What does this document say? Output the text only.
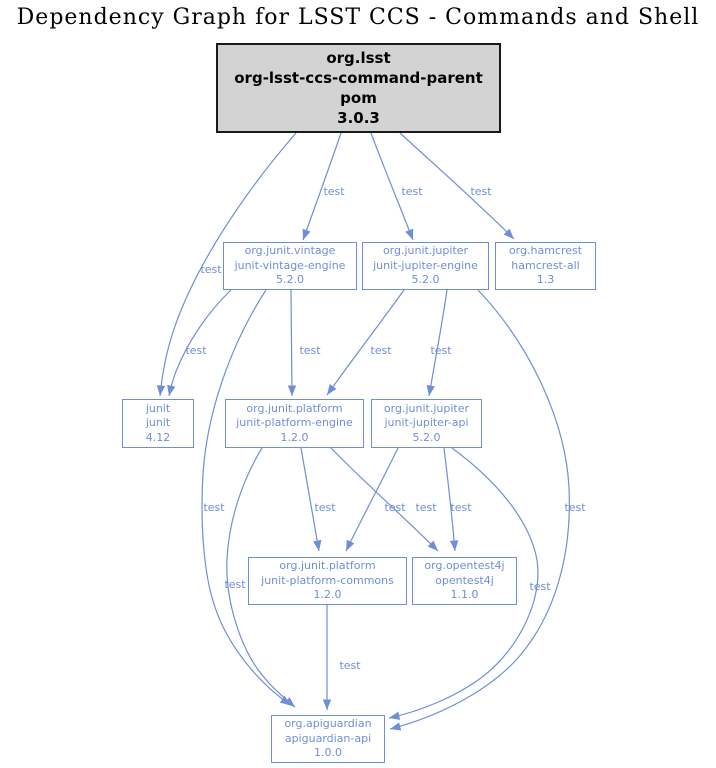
Dependency Graph for LSST CCS - Commands and Shell
test
test	test	test
test	test
test
test	test
test
test	test
test
test	test
test
test
org.lsst
org-lsst-ccs-command-parent
pom
3.0.3
org.junit.vintage
junit-vintage-engine
5.2.0
org.junit.jupiter
junit-jupiter-engine
5.2.0
org.hamcrest
hamcrest-all
1.3
junit
junit
4.12
org.junit.platform
junit-platform-engine
1.2.0
org.junit.jupiter
junit-jupiter-api
5.2.0
org.junit.platform
junit-platform-commons
1.2.0
org.opentest4j
opentest4j
1.1.0
org.apiguardian
apiguardian-api
1.0.0
